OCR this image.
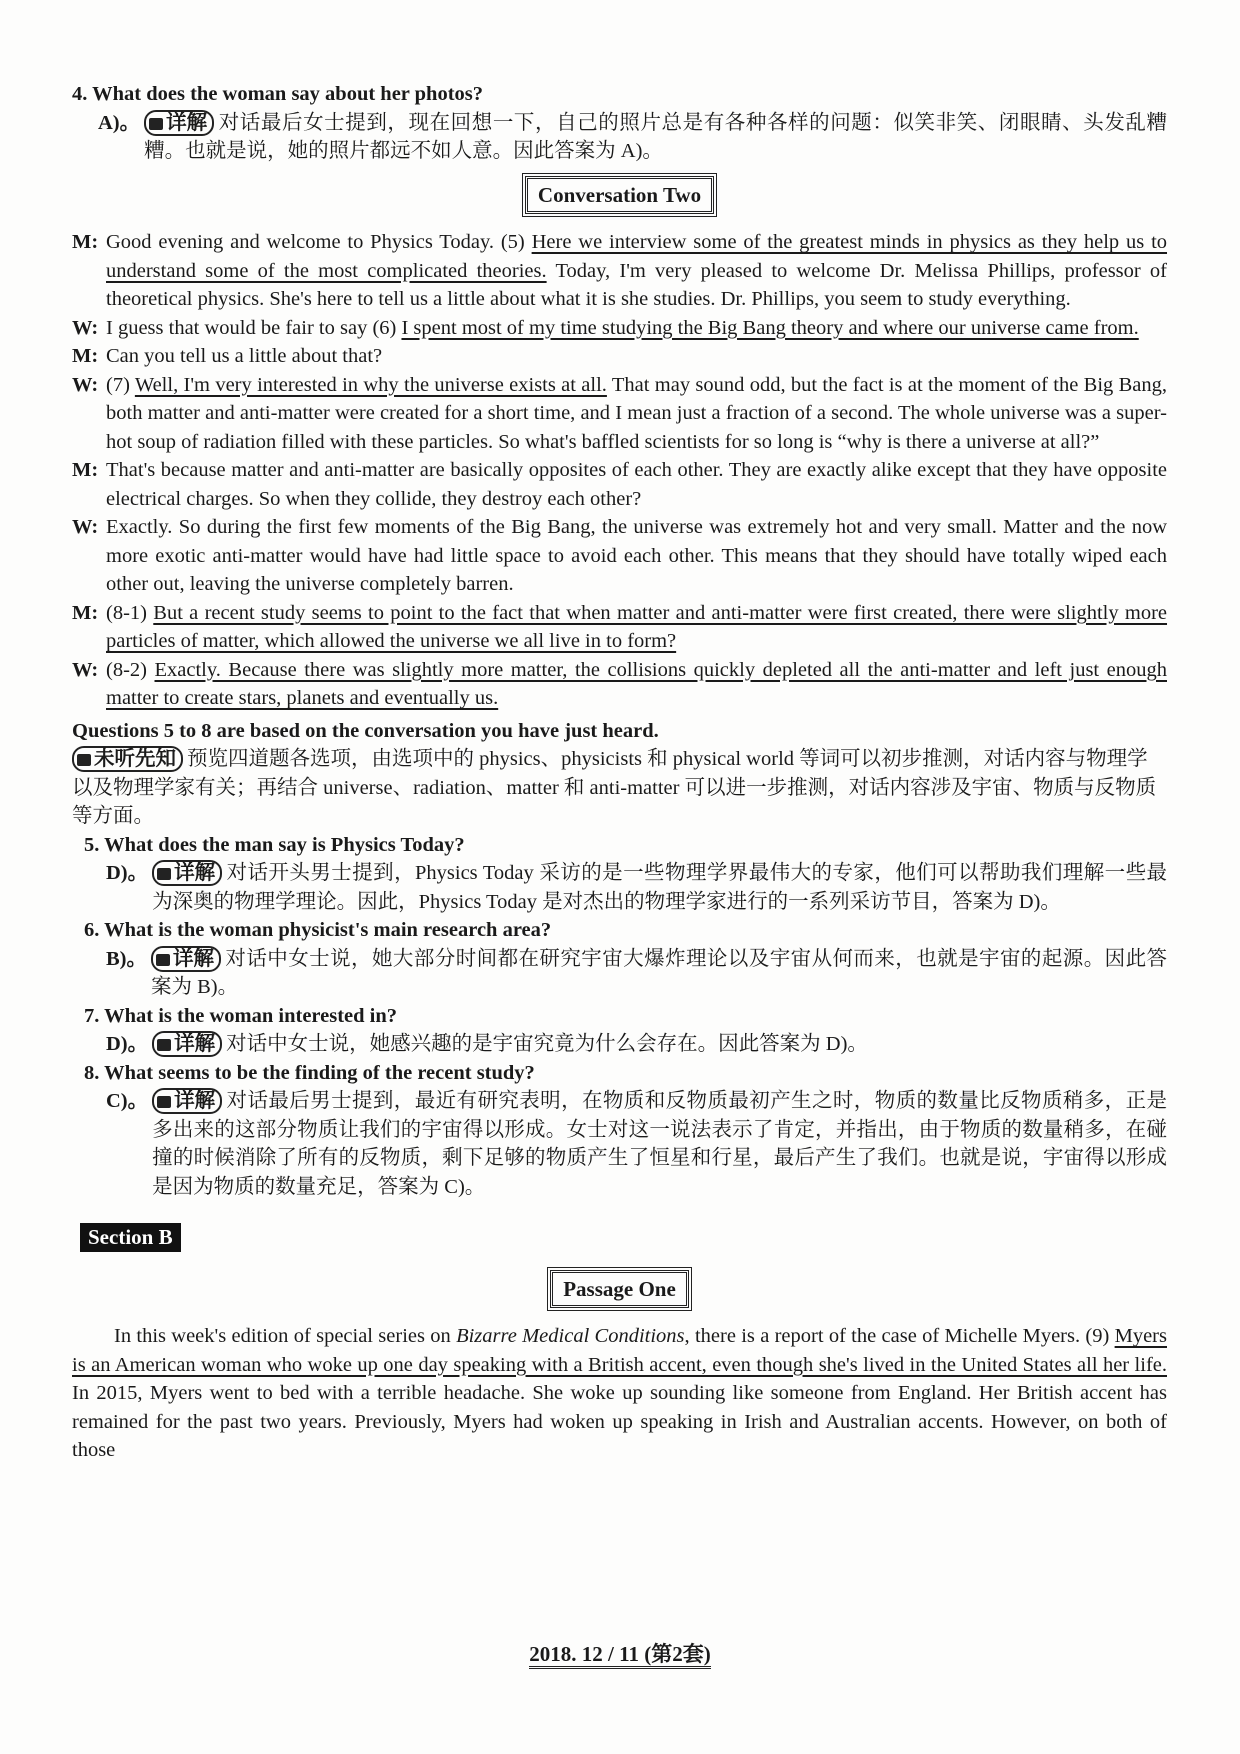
4. What does the woman say about her photos?

A)。	详解 对话最后女士提到，现在回想一下，自己的照片总是有各种各样的问题：似笑非笑、闭眼睛、头发乱糟糟。也就是说，她的照片都远不如人意。因此答案为 A)。
Conversation Two
M: Good evening and welcome to Physics Today. (5) Here we interview some of the greatest minds in physics as they help us to understand some of the most complicated theories. Today, I'm very pleased to welcome Dr. Melissa Phillips, professor of theoretical physics. She's here to tell us a little about what it is she studies. Dr. Phillips, you seem to study everything.
W: I guess that would be fair to say (6) I spent most of my time studying the Big Bang theory and where our universe came from.
M: Can you tell us a little about that?
W: (7) Well, I'm very interested in why the universe exists at all. That may sound odd, but the fact is at the moment of the Big Bang, both matter and anti-matter were created for a short time, and I mean just a fraction of a second. The whole universe was a super-hot soup of radiation filled with these particles. So what's baffled scientists for so long is “why is there a universe at all?”
M: That's because matter and anti-matter are basically opposites of each other. They are exactly alike except that they have opposite electrical charges. So when they collide, they destroy each other?
W: Exactly. So during the first few moments of the Big Bang, the universe was extremely hot and very small. Matter and the now more exotic anti-matter would have had little space to avoid each other. This means that they should have totally wiped each other out, leaving the universe completely barren.
M: (8-1) But a recent study seems to point to the fact that when matter and anti-matter were first created, there were slightly more particles of matter, which allowed the universe we all live in to form?
W: (8-2) Exactly. Because there was slightly more matter, the collisions quickly depleted all the anti-matter and left just enough matter to create stars, planets and eventually us.

Questions 5 to 8 are based on the conversation you have just heard.

未听先知 预览四道题各选项，由选项中的 physics、physicists 和 physical world 等词可以初步推测，对话内容与物理学以及物理学家有关；再结合 universe、radiation、matter 和 anti-matter 可以进一步推测，对话内容涉及宇宙、物质与反物质等方面。

5. What does the man say is Physics Today?

D)。	详解 对话开头男士提到，Physics Today 采访的是一些物理学界最伟大的专家，他们可以帮助我们理解一些最为深奥的物理学理论。因此，Physics Today 是对杰出的物理学家进行的一系列采访节目，答案为 D)。

6. What is the woman physicist's main research area?

B)。	详解 对话中女士说，她大部分时间都在研究宇宙大爆炸理论以及宇宙从何而来，也就是宇宙的起源。因此答案为 B)。

7. What is the woman interested in?

D)。	详解 对话中女士说，她感兴趣的是宇宙究竟为什么会存在。因此答案为 D)。

8. What seems to be the finding of the recent study?

C)。	详解 对话最后男士提到，最近有研究表明，在物质和反物质最初产生之时，物质的数量比反物质稍多，正是多出来的这部分物质让我们的宇宙得以形成。女士对这一说法表示了肯定，并指出，由于物质的数量稍多，在碰撞的时候消除了所有的反物质，剩下足够的物质产生了恒星和行星，最后产生了我们。也就是说，宇宙得以形成是因为物质的数量充足，答案为 C)。
Section B
Passage One

In this week's edition of special series on Bizarre Medical Conditions, there is a report of the case of Michelle Myers. (9) Myers is an American woman who woke up one day speaking with a British accent, even though she's lived in the United States all her life. In 2015, Myers went to bed with a terrible headache. She woke up sounding like someone from England. Her British accent has remained for the past two years. Previously, Myers had woken up speaking in Irish and Australian accents. However, on both of those

2018. 12 / 11 (第2套)
